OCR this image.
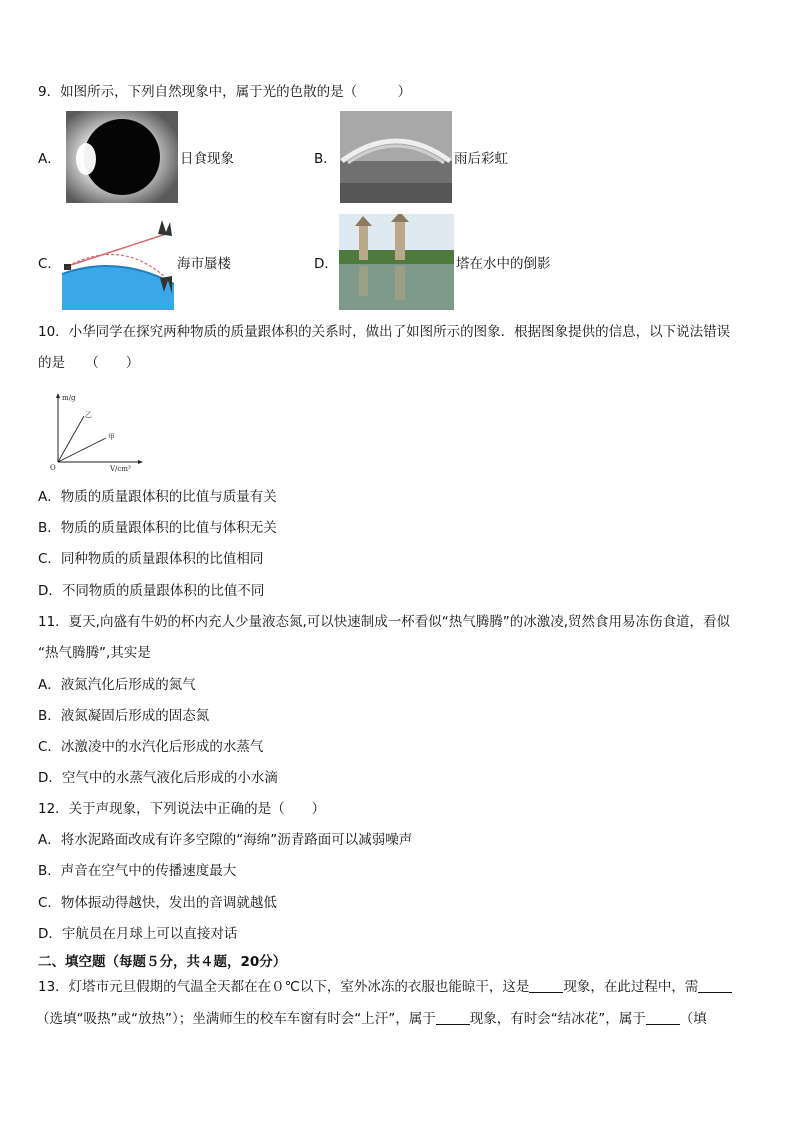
9．如图所示，下列自然现象中，属于光的色散的是（　　　）
A．	日食现象	B．	雨后彩虹
C．	海市蜃楼	D．	塔在水中的倒影
10．小华同学在探究两种物质的质量跟体积的关系时，做出了如图所示的图象．根据图象提供的信息，以下说法错误
的是　　（　　）
m/g
乙
甲
O	V/cm³
A．物质的质量跟体积的比值与质量有关
B．物质的质量跟体积的比值与体积无关
C．同种物质的质量跟体积的比值相同
D．不同物质的质量跟体积的比值不同
11．夏天,向盛有牛奶的杯内充人少量液态氮,可以快速制成一杯看似“热气腾腾”的冰激凌,贸然食用易冻伤食道，看似
“热气腾腾”,其实是
A．液氮汽化后形成的氮气
B．液氮凝固后形成的固态氮
C．冰激凌中的水汽化后形成的水蒸气
D．空气中的水蒸气液化后形成的小水滴
12．关于声现象，下列说法中正确的是（　　）
A．将水泥路面改成有许多空隙的“海绵”沥青路面可以减弱噪声
B．声音在空气中的传播速度最大
C．物体振动得越快，发出的音调就越低
D．宇航员在月球上可以直接对话
二、填空题（每题５分，共４题，20分）
13．灯塔市元旦假期的气温全天都在在０℃以下，室外冰冻的衣服也能晾干，这是	现象，在此过程中，需
（选填“吸热”或“放热”）；坐满师生的校车车窗有时会“上汗”，属于	现象，有时会“结冰花”，属于	（填
